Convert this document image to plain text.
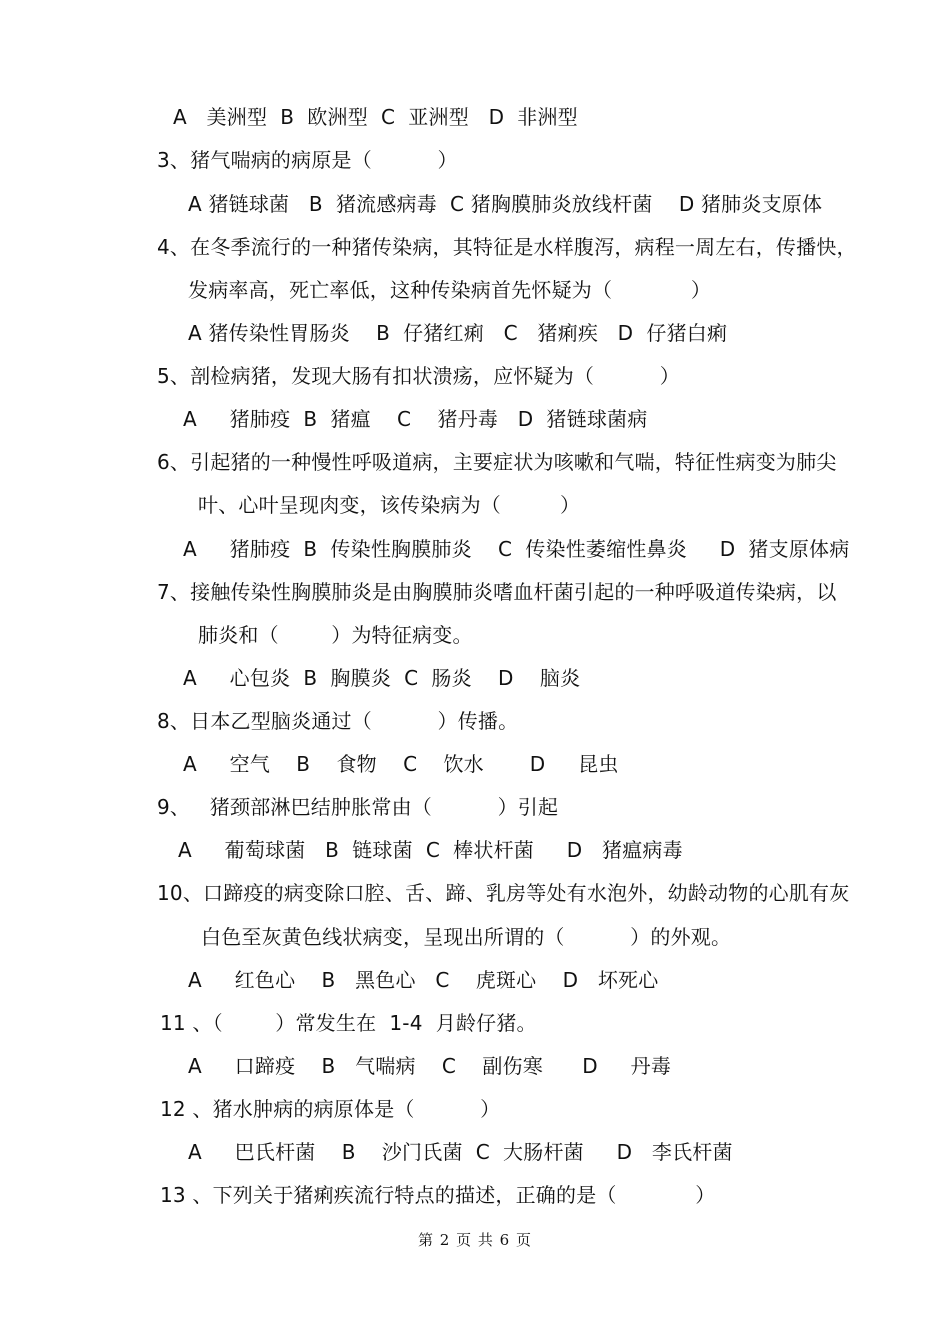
A   美洲型  B  欧洲型  C  亚洲型   D  非洲型
3、猪气喘病的病原是（          ）
A 猪链球菌   B  猪流感病毒  C 猪胸膜肺炎放线杆菌    D 猪肺炎支原体
4、在冬季流行的一种猪传染病，其特征是水样腹泻，病程一周左右，传播快，
发病率高，死亡率低，这种传染病首先怀疑为（            ）
A 猪传染性胃肠炎    B  仔猪红痢   C   猪痢疾   D  仔猪白痢
5、剖检病猪，发现大肠有扣状溃疡，应怀疑为（          ）
A     猪肺疫  B  猪瘟    C    猪丹毒   D  猪链球菌病
6、引起猪的一种慢性呼吸道病，主要症状为咳嗽和气喘，特征性病变为肺尖
叶、心叶呈现肉变，该传染病为（         ）
A     猪肺疫  B  传染性胸膜肺炎    C  传染性萎缩性鼻炎     D  猪支原体病
7、接触传染性胸膜肺炎是由胸膜肺炎嗜血杆菌引起的一种呼吸道传染病，以
肺炎和（        ）为特征病变。
A     心包炎  B  胸膜炎  C  肠炎    D    脑炎
8、日本乙型脑炎通过（          ）传播。
A     空气    B    食物    C    饮水       D     昆虫
9、   猪颈部淋巴结肿胀常由（          ）引起
A     葡萄球菌   B  链球菌  C  棒状杆菌     D   猪瘟病毒
10、口蹄疫的病变除口腔、舌、蹄、乳房等处有水泡外，幼龄动物的心肌有灰
白色至灰黄色线状病变，呈现出所谓的（          ）的外观。
A     红色心    B   黑色心   C    虎斑心    D   坏死心
11 、（        ）常发生在  1-4  月龄仔猪。
A     口蹄疫    B   气喘病    C    副伤寒      D     丹毒
12 、猪水肿病的病原体是（          ）
A     巴氏杆菌    B    沙门氏菌  C  大肠杆菌     D   李氏杆菌
13 、下列关于猪痢疾流行特点的描述，正确的是（            ）
第 2 页 共 6 页
